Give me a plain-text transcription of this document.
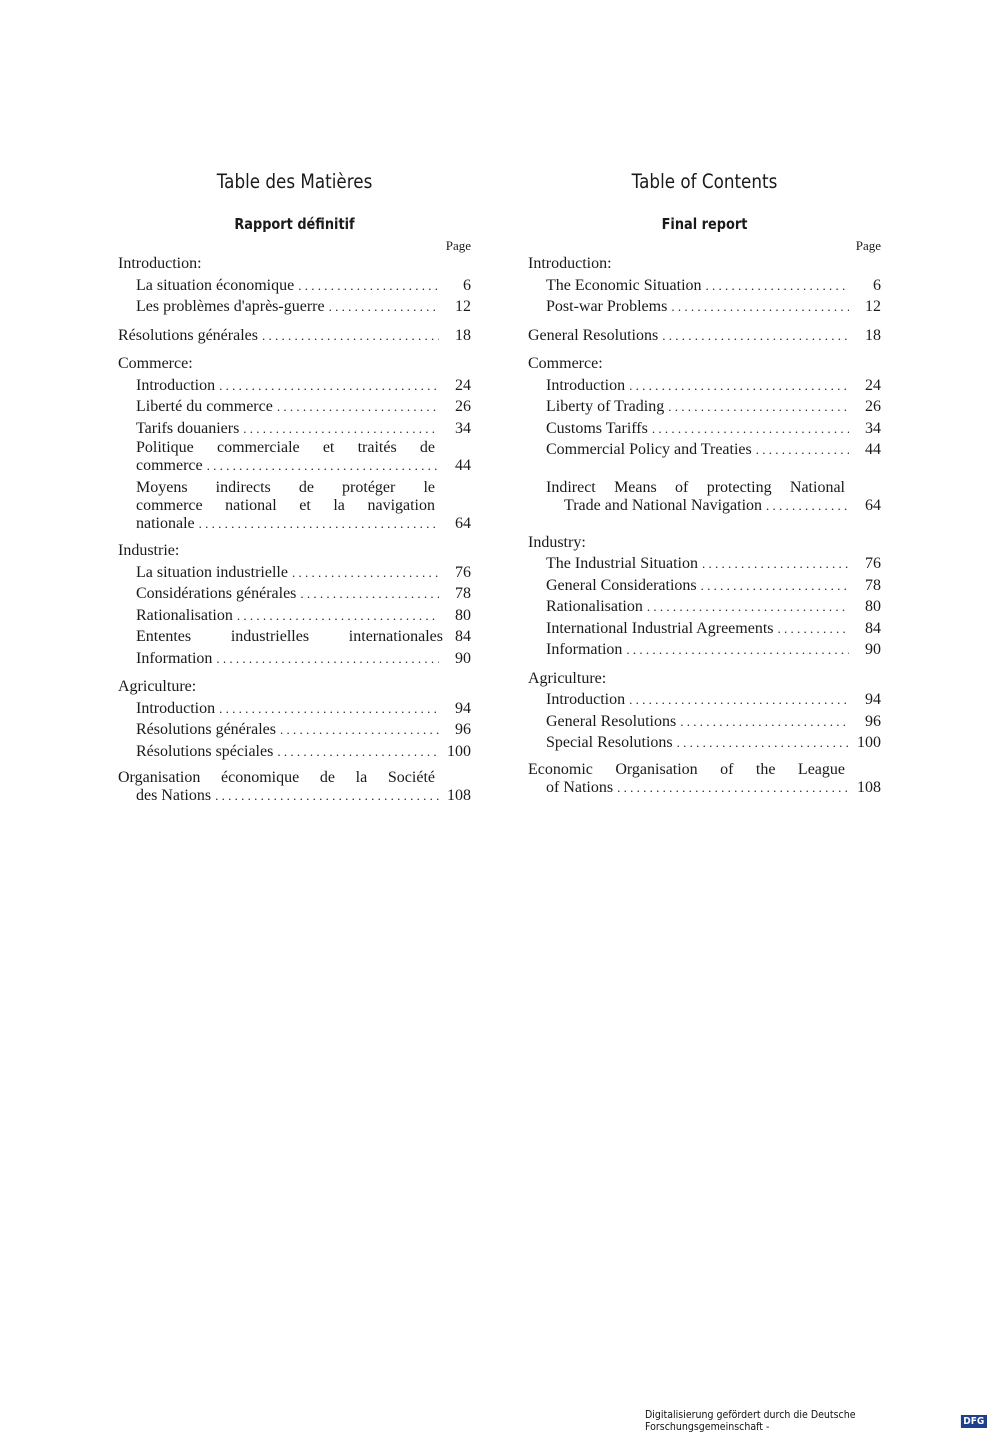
Table des Matières
Rapport définitif
Page
Introduction:
La situation économique . . .	6
Les problèmes d'après-guerre . . .	12
Résolutions générales . . .	18
Commerce:
Introduction . . .	24
Liberté du commerce . . .	26
Tarifs douaniers . . .	34
Politique commerciale et traités de
commerce . . .	44
Moyens indirects de protéger le
commerce national et la navigation
nationale . . .	64
Industrie:
La situation industrielle . . .	76
Considérations générales . . .	78
Rationalisation . . .	80
Ententes industrielles internationales 84
Information . . .	90
Agriculture:
Introduction . . .	94
Résolutions générales . . .	96
Résolutions spéciales . . .	100
Organisation économique de la Société
des Nations . . .	108
Table of Contents
Final report
Page
Introduction:
The Economic Situation . . .	6
Post-war Problems . . .	12
General Resolutions . . .	18
Commerce:
Introduction . . .	24
Liberty of Trading . . .	26
Customs Tariffs . . .	34
Commercial Policy and Treaties . . .	44
Indirect Means of protecting National
Trade and National Navigation . . .	64
Industry:
The Industrial Situation . . .	76
General Considerations . . .	78
Rationalisation . . .	80
International Industrial Agreements . . .	84
Information . . .	90
Agriculture:
Introduction . . .	94
General Resolutions . . .	96
Special Resolutions . . .	100
Economic Organisation of the League
of Nations . . .	108
Digitalisierung gefördert durch die Deutsche Forschungsgemeinschaft -	DFG
